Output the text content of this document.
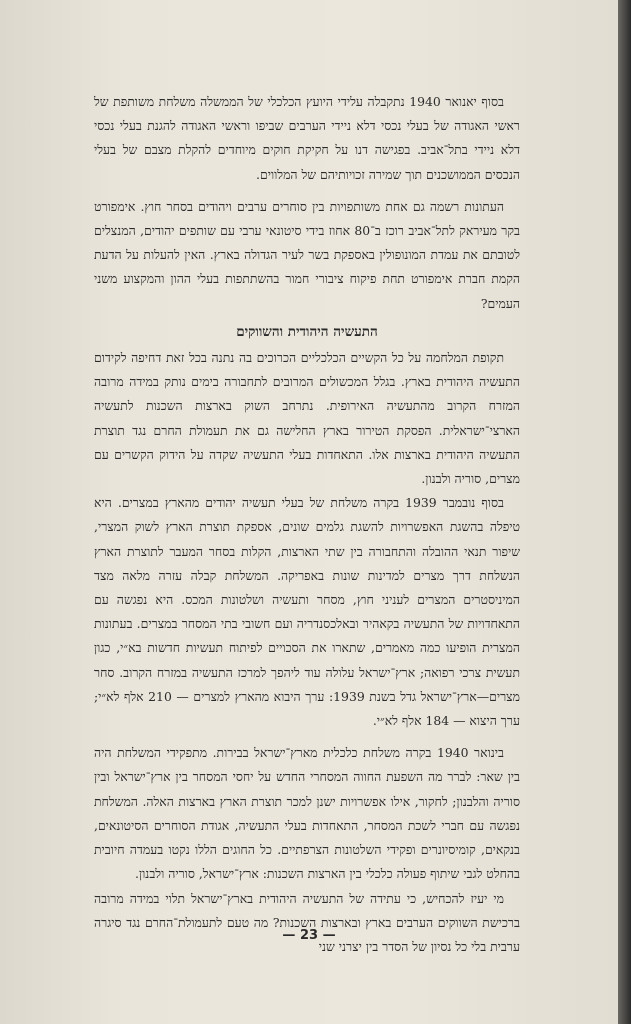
בסוף יאנואר 1940 נתקבלה עלידי היועץ הכלכלי של הממשלה משלחת משותפת של ראשי האגודה של בעלי נכסי דלא ניידי הערבים שביפו וראשי האגודה להגנת בעלי נכסי דלא ניידי בתל־אביב. בפגישה דנו על חקיקת חוקים מיוחדים להקלת מצבם של בעלי הנכסים הממושכנים תוך שמירה זכויותיהם של המלווים.

העתונות רשמה גם אחת משותפויות בין סוחרים ערבים ויהודים בסחר חוץ. אימפורט בקר מעיראק לתל־אביב רוכז ב־80 אחוז בידי סיטונאי ערבי עם שותפים יהודים, המנצלים לטובתם את עמדת המונופולין באספקת בשר לעיר הגדולה בארץ. האין להעלות על הדעת הקמת חברת אימפורט תחת פיקוח ציבורי חמור בהשתתפות בעלי ההון והמקצוע משני העמים?

התעשיה היהודית והשווקים

תקופת המלחמה על כל הקשיים הכלכליים הכרוכים בה נתנה בכל זאת דחיפה לקידום התעשיה היהודית בארץ. בגלל המכשולים המרובים לתחבורה בימים נותק במידה מרובה המזרח הקרוב מהתעשיה האירופית. נתרחב השוק בארצות השכנות לתעשיה הארצי־ישראלית. הפסקת הטירור בארץ החלישה גם את תעמולת החרם נגד תוצרת התעשיה היהודית בארצות אלו. התאחדות בעלי התעשיה שקדה על הידוק הקשרים עם מצרים, סוריה ולבנון.

בסוף נובמבר 1939 בקרה משלחת של בעלי תעשיה יהודים מהארץ במצרים. היא טיפלה בהשגת האפשרויות להשגת גלמים שונים, אספקת תוצרת הארץ לשוק המצרי, שיפור תנאי ההובלה והתחבורה בין שתי הארצות, הקלות בסחר המעבר לתוצרת הארץ הנשלחת דרך מצרים למדינות שונות באפריקה. המשלחת קבלה עזרה מלאה מצד המיניסטרים המצרים לעניני חוץ, מסחר ותעשיה ושלטונות המכס. היא נפגשה עם התאחדויות של התעשיה בקאהיר ובאלכסנדריה ועם חשובי בתי המסחר במצרים. בעתונות המצרית הופיעו כמה מאמרים, שתארו את הסכויים לפיתוח תעשיות חדשות בא״י, כגון תעשית צרכי רפואה; ארץ־ישראל עלולה עוד ליהפך למרכז התעשיה במזרח הקרוב. סחר מצרים—ארץ־ישראל גדל בשנת 1939: ערך היבוא מהארץ למצרים — 210 אלף לא״י; ערך היצוא — 184 אלף לא״י.

בינואר 1940 בקרה משלחת כלכלית מארץ־ישראל בבירות. מתפקידי המשלחת היה בין שאר: לברר מה השפעת החווה המסחרי החדש על יחסי המסחר בין ארץ־ישראל ובין סוריה והלבנון; לחקור, אילו אפשרויות ישנן למכר תוצרת הארץ בארצות האלה. המשלחת נפגשה עם חברי לשכת המסחר, התאחדות בעלי התעשיה, אגודת הסוחרים הסיטונאים, בנקאים, קומיסיונרים ופקידי השלטונות הצרפתיים. כל החוגים הללו נקטו בעמדה חיובית בהחלט לגבי שיתוף פעולה כלכלי בין הארצות השכנות: ארץ־ישראל, סוריה ולבנון.

מי יעיז להכחיש, כי עתידה של התעשיה היהודית בארץ־ישראל תלוי במידה מרובה ברכישת השווקים הערבים בארץ ובארצות השכנות? מה טעם לתעמולת־החרם נגד סיגרה ערבית בלי כל נסיון של הסדר בין יצרני שני

— 23 —
